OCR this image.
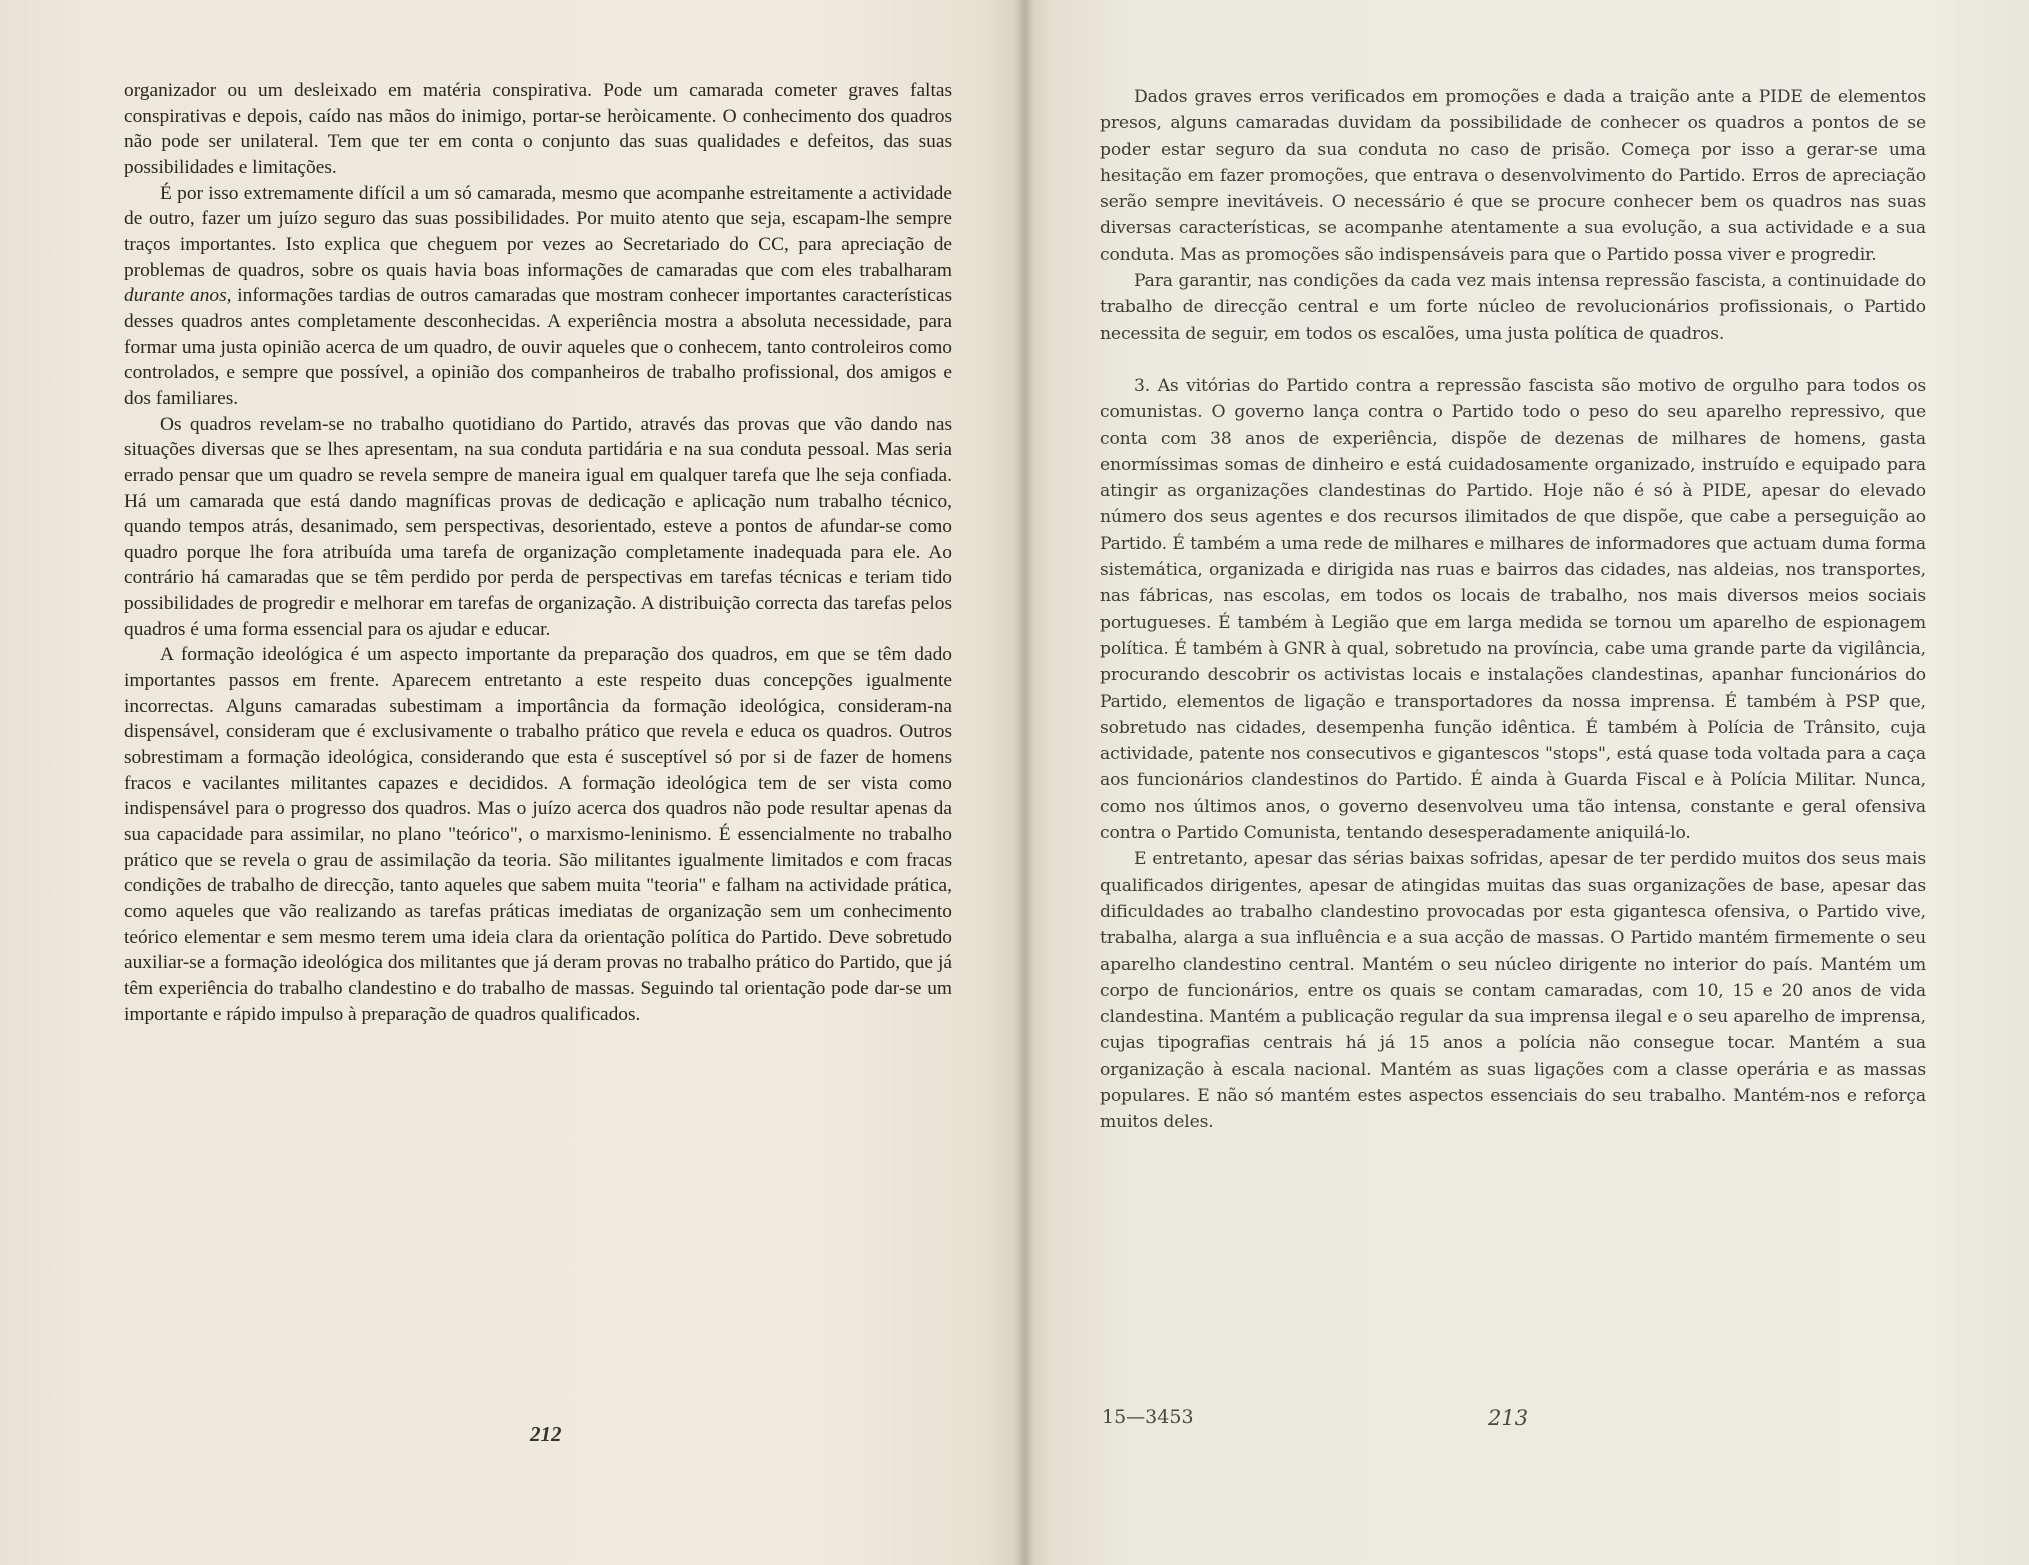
organizador ou um desleixado em matéria conspirativa. Pode um camarada cometer graves faltas conspirativas e depois, caído nas mãos do inimigo, portar-se heròicamente. O conhecimento dos quadros não pode ser unilateral. Tem que ter em conta o conjunto das suas qualidades e defeitos, das suas possibilidades e limitações.

É por isso extremamente difícil a um só camarada, mesmo que acompanhe estreitamente a actividade de outro, fazer um juízo seguro das suas possibilidades. Por muito atento que seja, escapam-lhe sempre traços importantes. Isto explica que cheguem por vezes ao Secretariado do CC, para apreciação de problemas de quadros, sobre os quais havia boas informações de camaradas que com eles trabalharam durante anos, informações tardias de outros camaradas que mostram conhecer importantes características desses quadros antes completamente desconhecidas. A experiência mostra a absoluta necessidade, para formar uma justa opinião acerca de um quadro, de ouvir aqueles que o conhecem, tanto controleiros como controlados, e sempre que possível, a opinião dos companheiros de trabalho profissional, dos amigos e dos familiares.

Os quadros revelam-se no trabalho quotidiano do Partido, através das provas que vão dando nas situações diversas que se lhes apresentam, na sua conduta partidária e na sua conduta pessoal. Mas seria errado pensar que um quadro se revela sempre de maneira igual em qualquer tarefa que lhe seja confiada. Há um camarada que está dando magníficas provas de dedicação e aplicação num trabalho técnico, quando tempos atrás, desanimado, sem perspectivas, desorientado, esteve a pontos de afundar-se como quadro porque lhe fora atribuída uma tarefa de organização completamente inadequada para ele. Ao contrário há camaradas que se têm perdido por perda de perspectivas em tarefas técnicas e teriam tido possibilidades de progredir e melhorar em tarefas de organização. A distribuição correcta das tarefas pelos quadros é uma forma essencial para os ajudar e educar.

A formação ideológica é um aspecto importante da preparação dos quadros, em que se têm dado importantes passos em frente. Aparecem entretanto a este respeito duas concepções igualmente incorrectas. Alguns camaradas subestimam a importância da formação ideológica, consideram-na dispensável, consideram que é exclusivamente o trabalho prático que revela e educa os quadros. Outros sobrestimam a formação ideológica, considerando que esta é susceptível só por si de fazer de homens fracos e vacilantes militantes capazes e decididos. A formação ideológica tem de ser vista como indispensável para o progresso dos quadros. Mas o juízo acerca dos quadros não pode resultar apenas da sua capacidade para assimilar, no plano "teórico", o marxismo-leninismo. É essencialmente no trabalho prático que se revela o grau de assimilação da teoria. São militantes igualmente limitados e com fracas condições de trabalho de direcção, tanto aqueles que sabem muita "teoria" e falham na actividade prática, como aqueles que vão realizando as tarefas práticas imediatas de organização sem um conhecimento teórico elementar e sem mesmo terem uma ideia clara da orientação política do Partido. Deve sobretudo auxiliar-se a formação ideológica dos militantes que já deram provas no trabalho prático do Partido, que já têm experiência do trabalho clandestino e do trabalho de massas. Seguindo tal orientação pode dar-se um importante e rápido impulso à preparação de quadros qualificados.

212

Dados graves erros verificados em promoções e dada a traição ante a PIDE de elementos presos, alguns camaradas duvidam da possibilidade de conhecer os quadros a pontos de se poder estar seguro da sua conduta no caso de prisão. Começa por isso a gerar-se uma hesitação em fazer promoções, que entrava o desenvolvimento do Partido. Erros de apreciação serão sempre inevitáveis. O necessário é que se procure conhecer bem os quadros nas suas diversas características, se acompanhe atentamente a sua evolução, a sua actividade e a sua conduta. Mas as promoções são indispensáveis para que o Partido possa viver e progredir.

Para garantir, nas condições da cada vez mais intensa repressão fascista, a continuidade do trabalho de direcção central e um forte núcleo de revolucionários profissionais, o Partido necessita de seguir, em todos os escalões, uma justa política de quadros.

3. As vitórias do Partido contra a repressão fascista são motivo de orgulho para todos os comunistas. O governo lança contra o Partido todo o peso do seu aparelho repressivo, que conta com 38 anos de experiência, dispõe de dezenas de milhares de homens, gasta enormíssimas somas de dinheiro e está cuidadosamente organizado, instruído e equipado para atingir as organizações clandestinas do Partido. Hoje não é só à PIDE, apesar do elevado número dos seus agentes e dos recursos ilimitados de que dispõe, que cabe a perseguição ao Partido. É também a uma rede de milhares e milhares de informadores que actuam duma forma sistemática, organizada e dirigida nas ruas e bairros das cidades, nas aldeias, nos transportes, nas fábricas, nas escolas, em todos os locais de trabalho, nos mais diversos meios sociais portugueses. É também à Legião que em larga medida se tornou um aparelho de espionagem política. É também à GNR à qual, sobretudo na província, cabe uma grande parte da vigilância, procurando descobrir os activistas locais e instalações clandestinas, apanhar funcionários do Partido, elementos de ligação e transportadores da nossa imprensa. É também à PSP que, sobretudo nas cidades, desempenha função idêntica. É também à Polícia de Trânsito, cuja actividade, patente nos consecutivos e gigantescos "stops", está quase toda voltada para a caça aos funcionários clandestinos do Partido. É ainda à Guarda Fiscal e à Polícia Militar. Nunca, como nos últimos anos, o governo desenvolveu uma tão intensa, constante e geral ofensiva contra o Partido Comunista, tentando desesperadamente aniquilá-lo.

E entretanto, apesar das sérias baixas sofridas, apesar de ter perdido muitos dos seus mais qualificados dirigentes, apesar de atingidas muitas das suas organizações de base, apesar das dificuldades ao trabalho clandestino provocadas por esta gigantesca ofensiva, o Partido vive, trabalha, alarga a sua influência e a sua acção de massas. O Partido mantém firmemente o seu aparelho clandestino central. Mantém o seu núcleo dirigente no interior do país. Mantém um corpo de funcionários, entre os quais se contam camaradas, com 10, 15 e 20 anos de vida clandestina. Mantém a publicação regular da sua imprensa ilegal e o seu aparelho de imprensa, cujas tipografias centrais há já 15 anos a polícia não consegue tocar. Mantém a sua organização à escala nacional. Mantém as suas ligações com a classe operária e as massas populares. E não só mantém estes aspectos essenciais do seu trabalho. Mantém-nos e reforça muitos deles.

15—3453	213
